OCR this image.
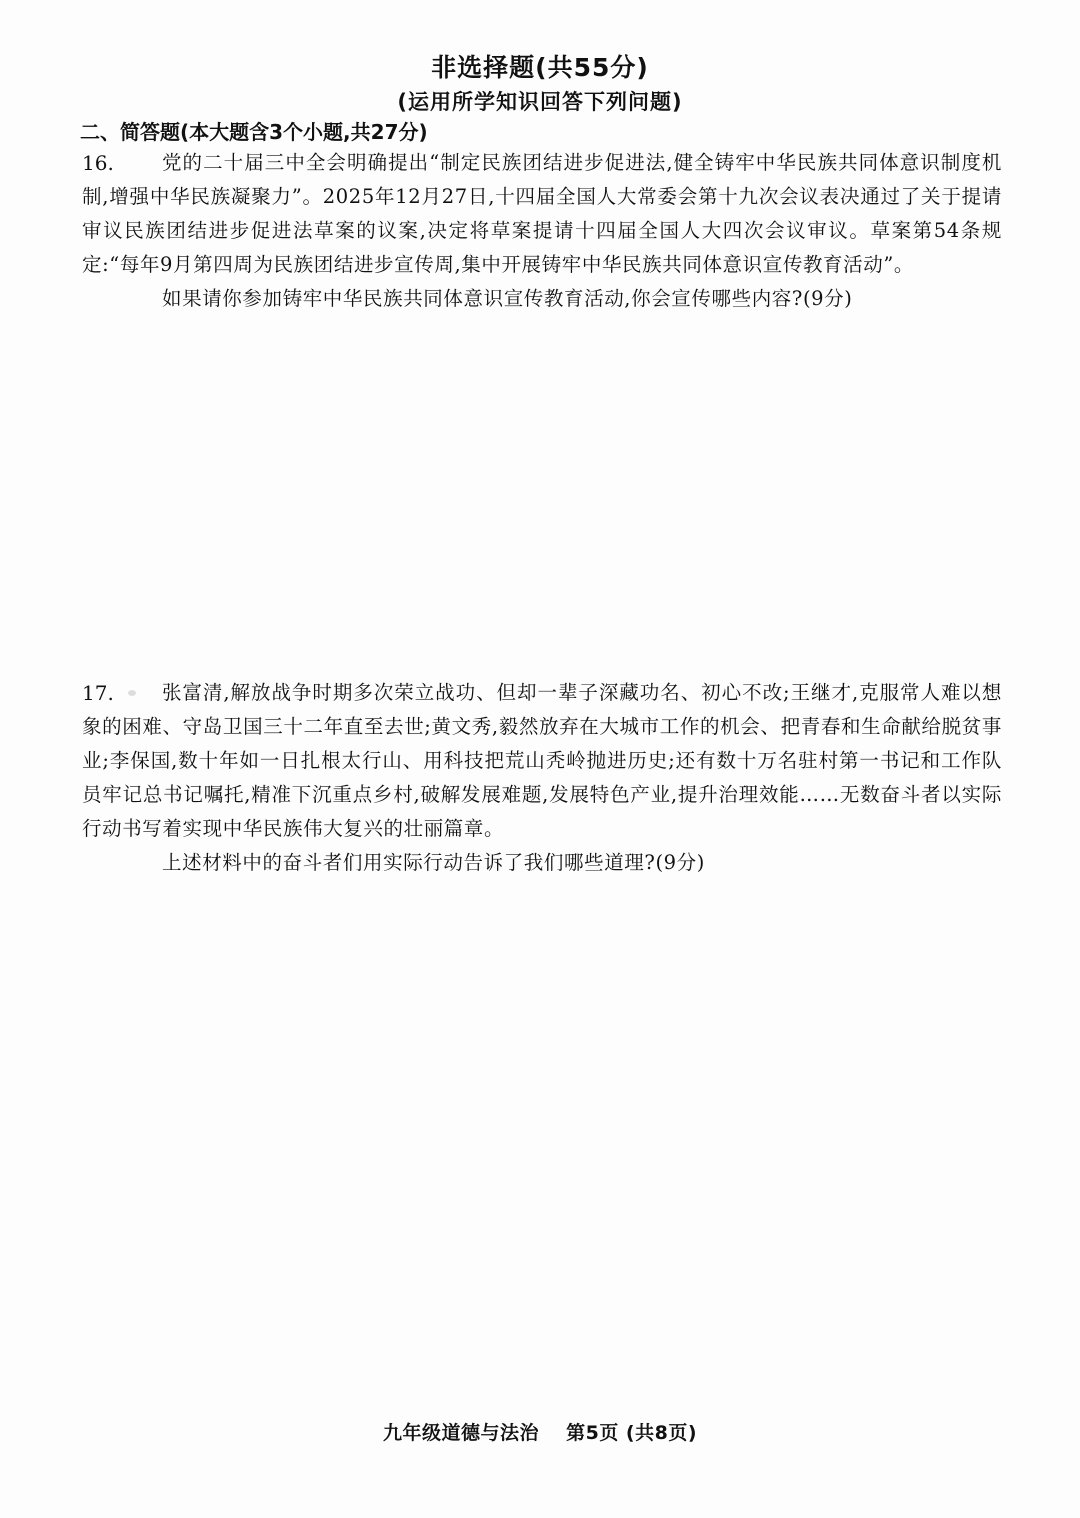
非选择题(共55分)
(运用所学知识回答下列问题)
二、简答题(本大题含3个小题,共27分)
16.	党的二十届三中全会明确提出“制定民族团结进步促进法,健全铸牢中华民族共同体意识制度机制,增强中华民族凝聚力”。2025年12月27日,十四届全国人大常委会第十九次会议表决通过了关于提请审议民族团结进步促进法草案的议案,决定将草案提请十四届全国人大四次会议审议。草案第54条规定:“每年9月第四周为民族团结进步宣传周,集中开展铸牢中华民族共同体意识宣传教育活动”。

如果请你参加铸牢中华民族共同体意识宣传教育活动,你会宣传哪些内容?(9分)

17.	张富清,解放战争时期多次荣立战功、但却一辈子深藏功名、初心不改;王继才,克服常人难以想象的困难、守岛卫国三十二年直至去世;黄文秀,毅然放弃在大城市工作的机会、把青春和生命献给脱贫事业;李保国,数十年如一日扎根太行山、用科技把荒山秃岭抛进历史;还有数十万名驻村第一书记和工作队员牢记总书记嘱托,精准下沉重点乡村,破解发展难题,发展特色产业,提升治理效能……无数奋斗者以实际行动书写着实现中华民族伟大复兴的壮丽篇章。

上述材料中的奋斗者们用实际行动告诉了我们哪些道理?(9分)

九年级道德与法治 第5页 (共8页)
